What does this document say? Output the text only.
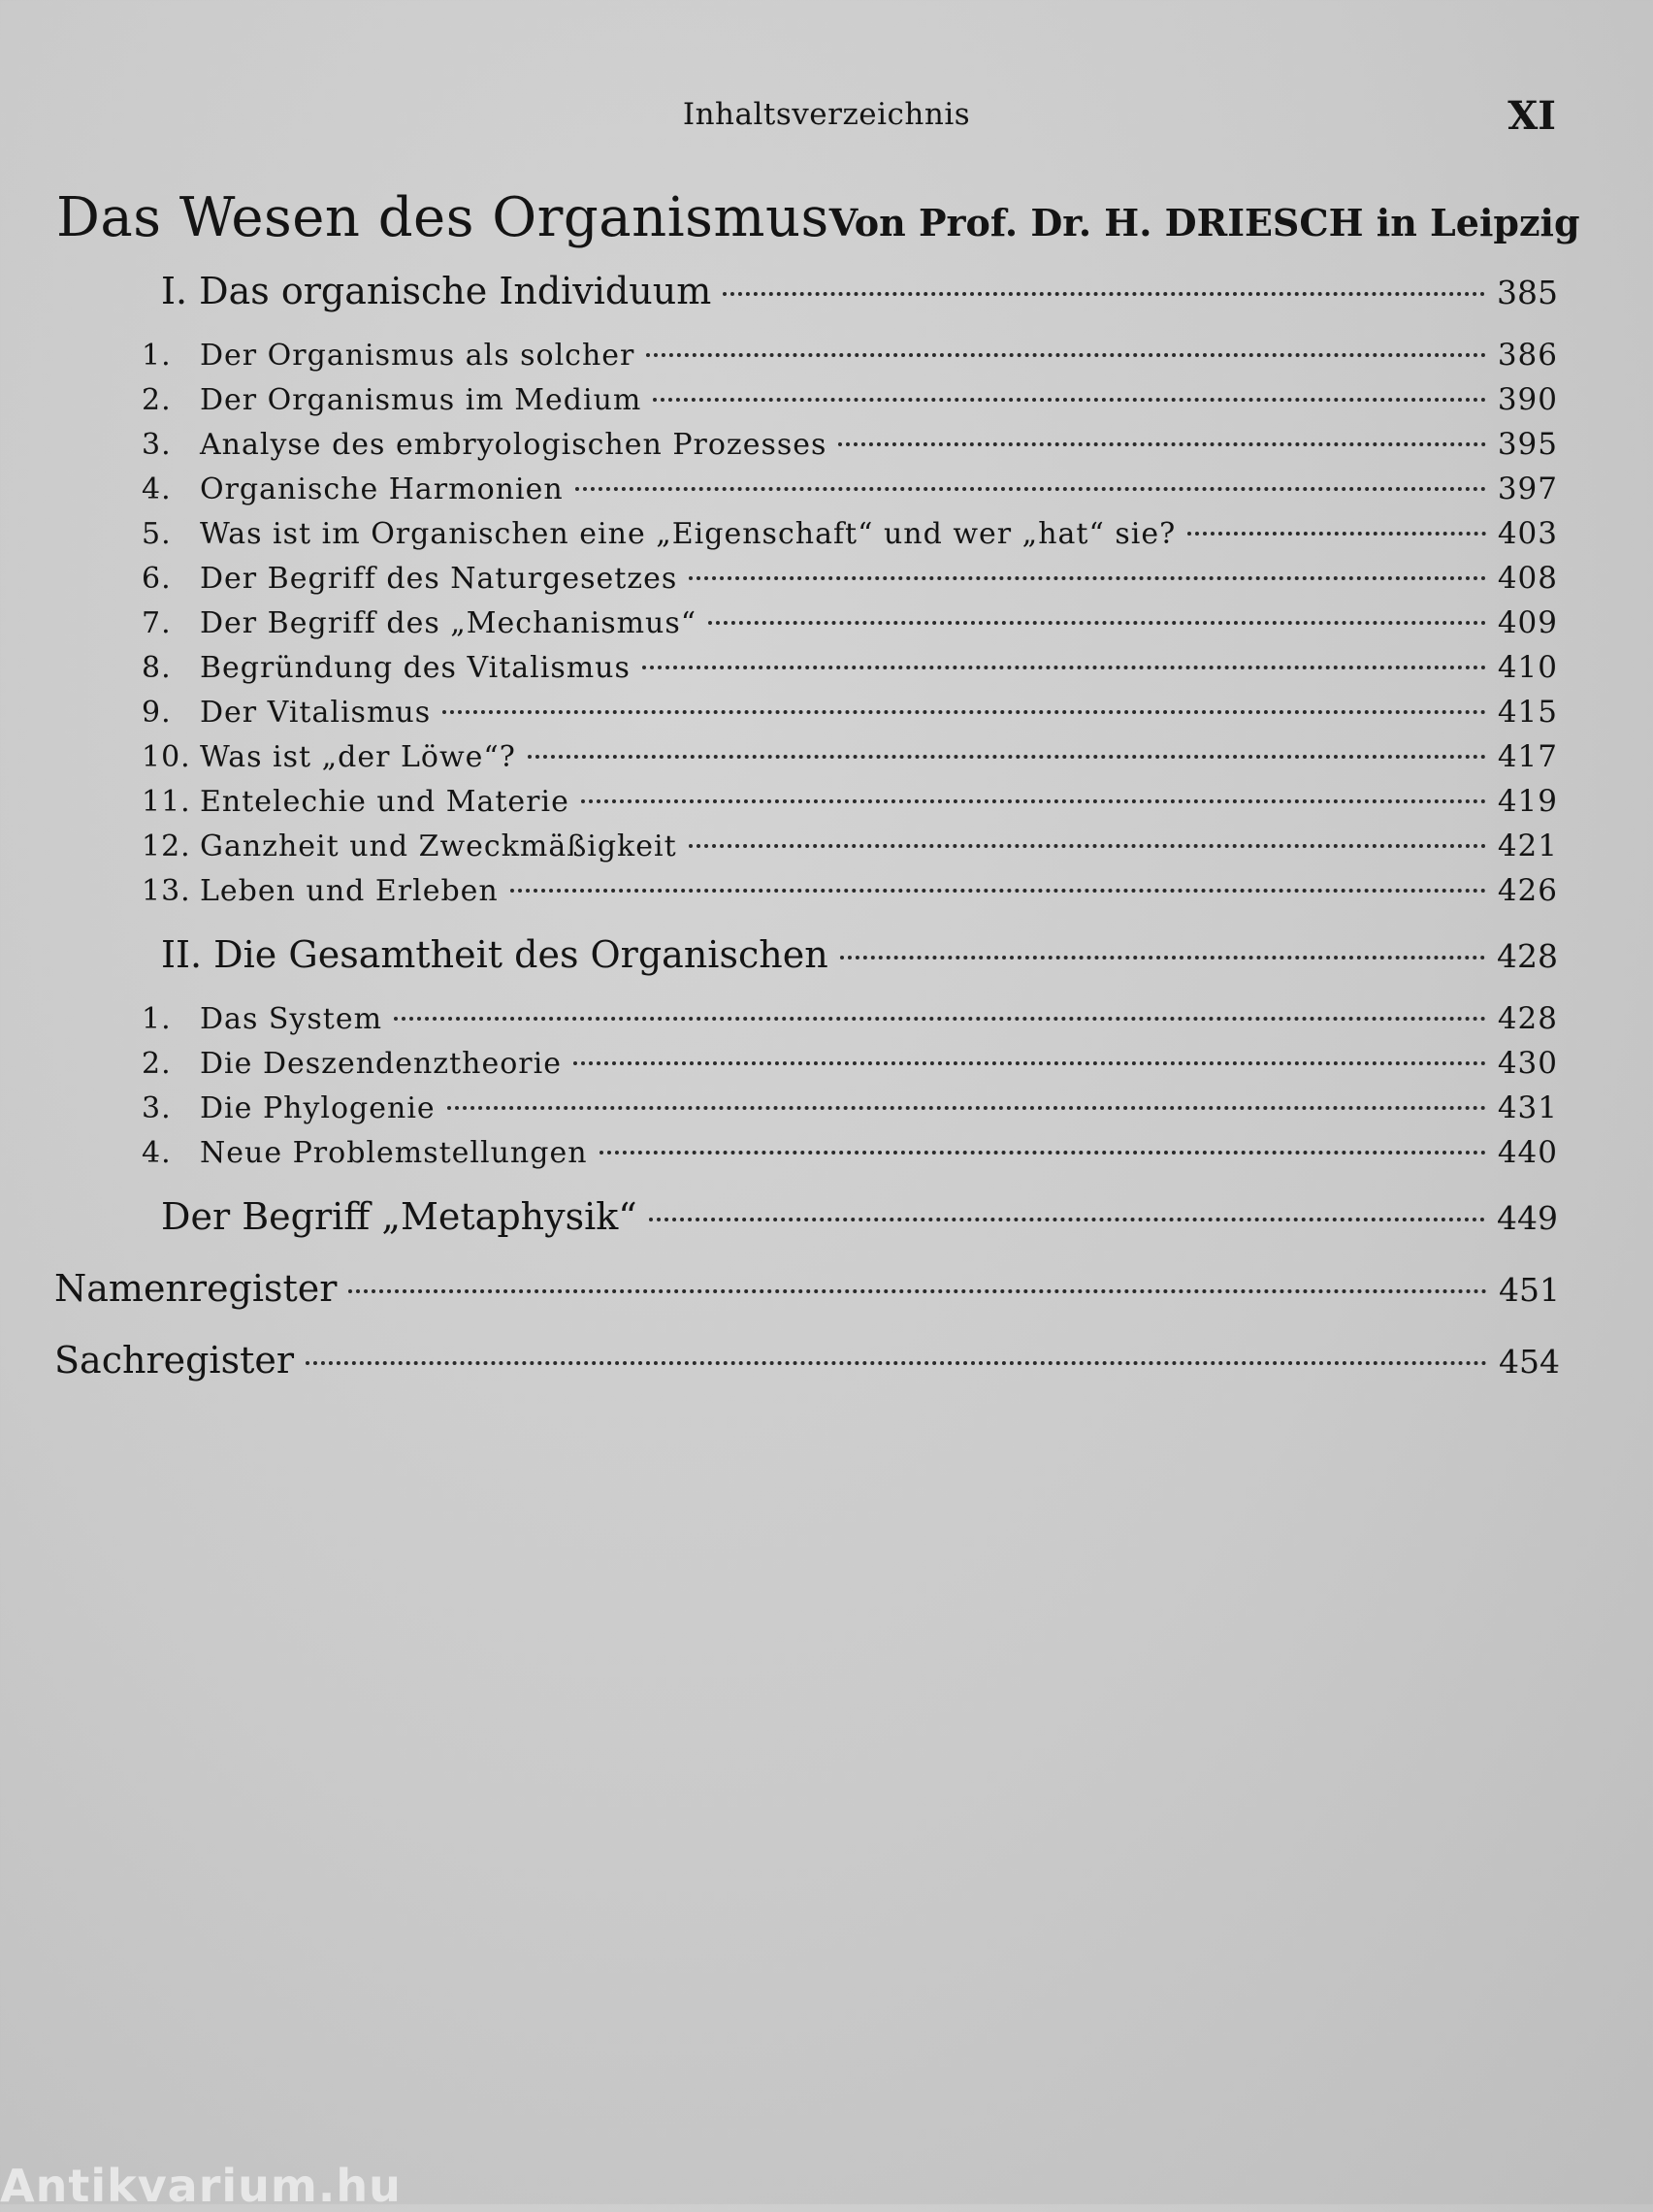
Inhaltsverzeichnis	XI
Das Wesen des Organismus Von Prof. Dr. H. DRIESCH in Leipzig
I. Das organische Individuum	385
1. Der Organismus als solcher	386
2. Der Organismus im Medium	390
3. Analyse des embryologischen Prozesses	395
4. Organische Harmonien	397
5. Was ist im Organischen eine „Eigenschaft“ und wer „hat“ sie?	403
6. Der Begriff des Naturgesetzes	408
7. Der Begriff des „Mechanismus“	409
8. Begründung des Vitalismus	410
9. Der Vitalismus	415
10. Was ist „der Löwe“?	417
11. Entelechie und Materie	419
12. Ganzheit und Zweckmäßigkeit	421
13. Leben und Erleben	426
II. Die Gesamtheit des Organischen	428
1. Das System	428
2. Die Deszendenztheorie	430
3. Die Phylogenie	431
4. Neue Problemstellungen	440
Der Begriff „Metaphysik“	449
Namenregister	451
Sachregister	454
Antikvarium.hu
